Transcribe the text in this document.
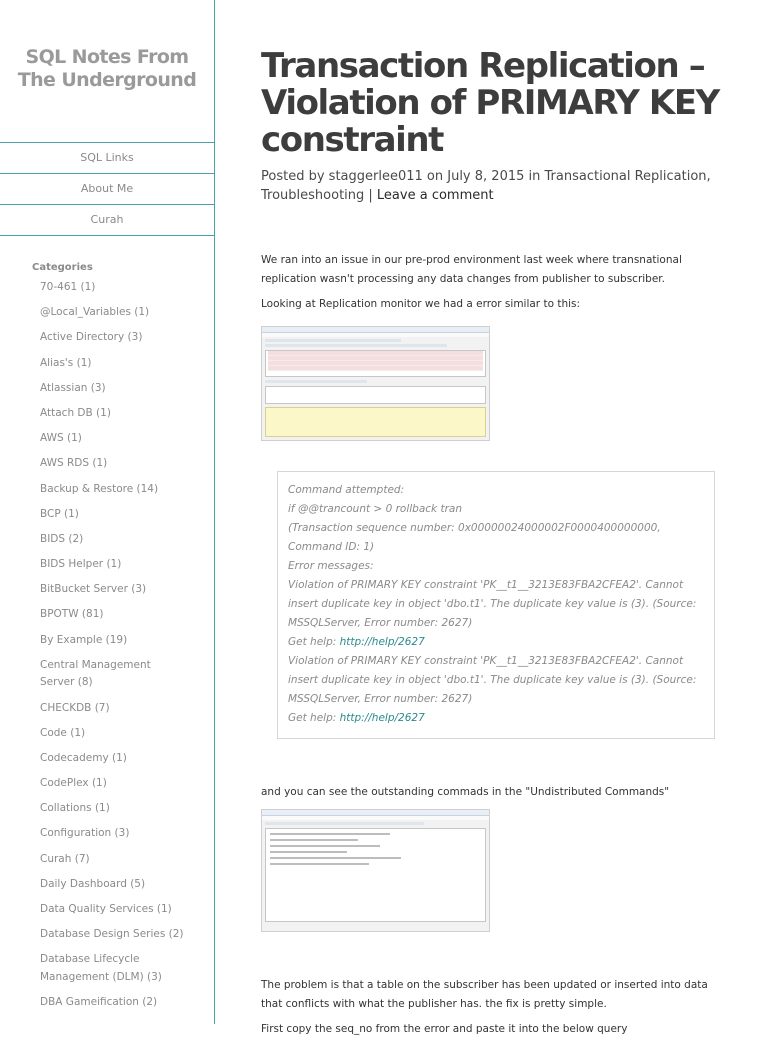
SQL Notes From
The Underground
SQL Links
About Me
Curah
Categories
70-461 (1)
@Local_Variables (1)
Active Directory (3)
Alias's (1)
Atlassian (3)
Attach DB (1)
AWS (1)
AWS RDS (1)
Backup & Restore (14)
BCP (1)
BIDS (2)
BIDS Helper (1)
BitBucket Server (3)
BPOTW (81)
By Example (19)
Central Management Server (8)
CHECKDB (7)
Code (1)
Codecademy (1)
CodePlex (1)
Collations (1)
Configuration (3)
Curah (7)
Daily Dashboard (5)
Data Quality Services (1)
Database Design Series (2)
Database Lifecycle Management (DLM) (3)
DBA Gameification (2)
Transaction Replication – Violation of PRIMARY KEY constraint
Posted by staggerlee011 on July 8, 2015 in Transactional Replication, Troubleshooting | Leave a comment

We ran into an issue in our pre-prod environment last week where transnational replication wasn't processing any data changes from publisher to subscriber.

Looking at Replication monitor we had a error similar to this:

Command attempted:

if @@trancount > 0 rollback tran

(Transaction sequence number: 0x00000024000002F0000400000000, Command ID: 1)

Error messages:

Violation of PRIMARY KEY constraint 'PK__t1__3213E83FBA2CFEA2'. Cannot insert duplicate key in object 'dbo.t1'. The duplicate key value is (3). (Source: MSSQLServer, Error number: 2627)

Get help: http://help/2627

Violation of PRIMARY KEY constraint 'PK__t1__3213E83FBA2CFEA2'. Cannot insert duplicate key in object 'dbo.t1'. The duplicate key value is (3). (Source: MSSQLServer, Error number: 2627)

Get help: http://help/2627

and you can see the outstanding commads in the "Undistributed Commands"

The problem is that a table on the subscriber has been updated or inserted into data that conflicts with what the publisher has. the fix is pretty simple.

First copy the seq_no from the error and paste it into the below query
